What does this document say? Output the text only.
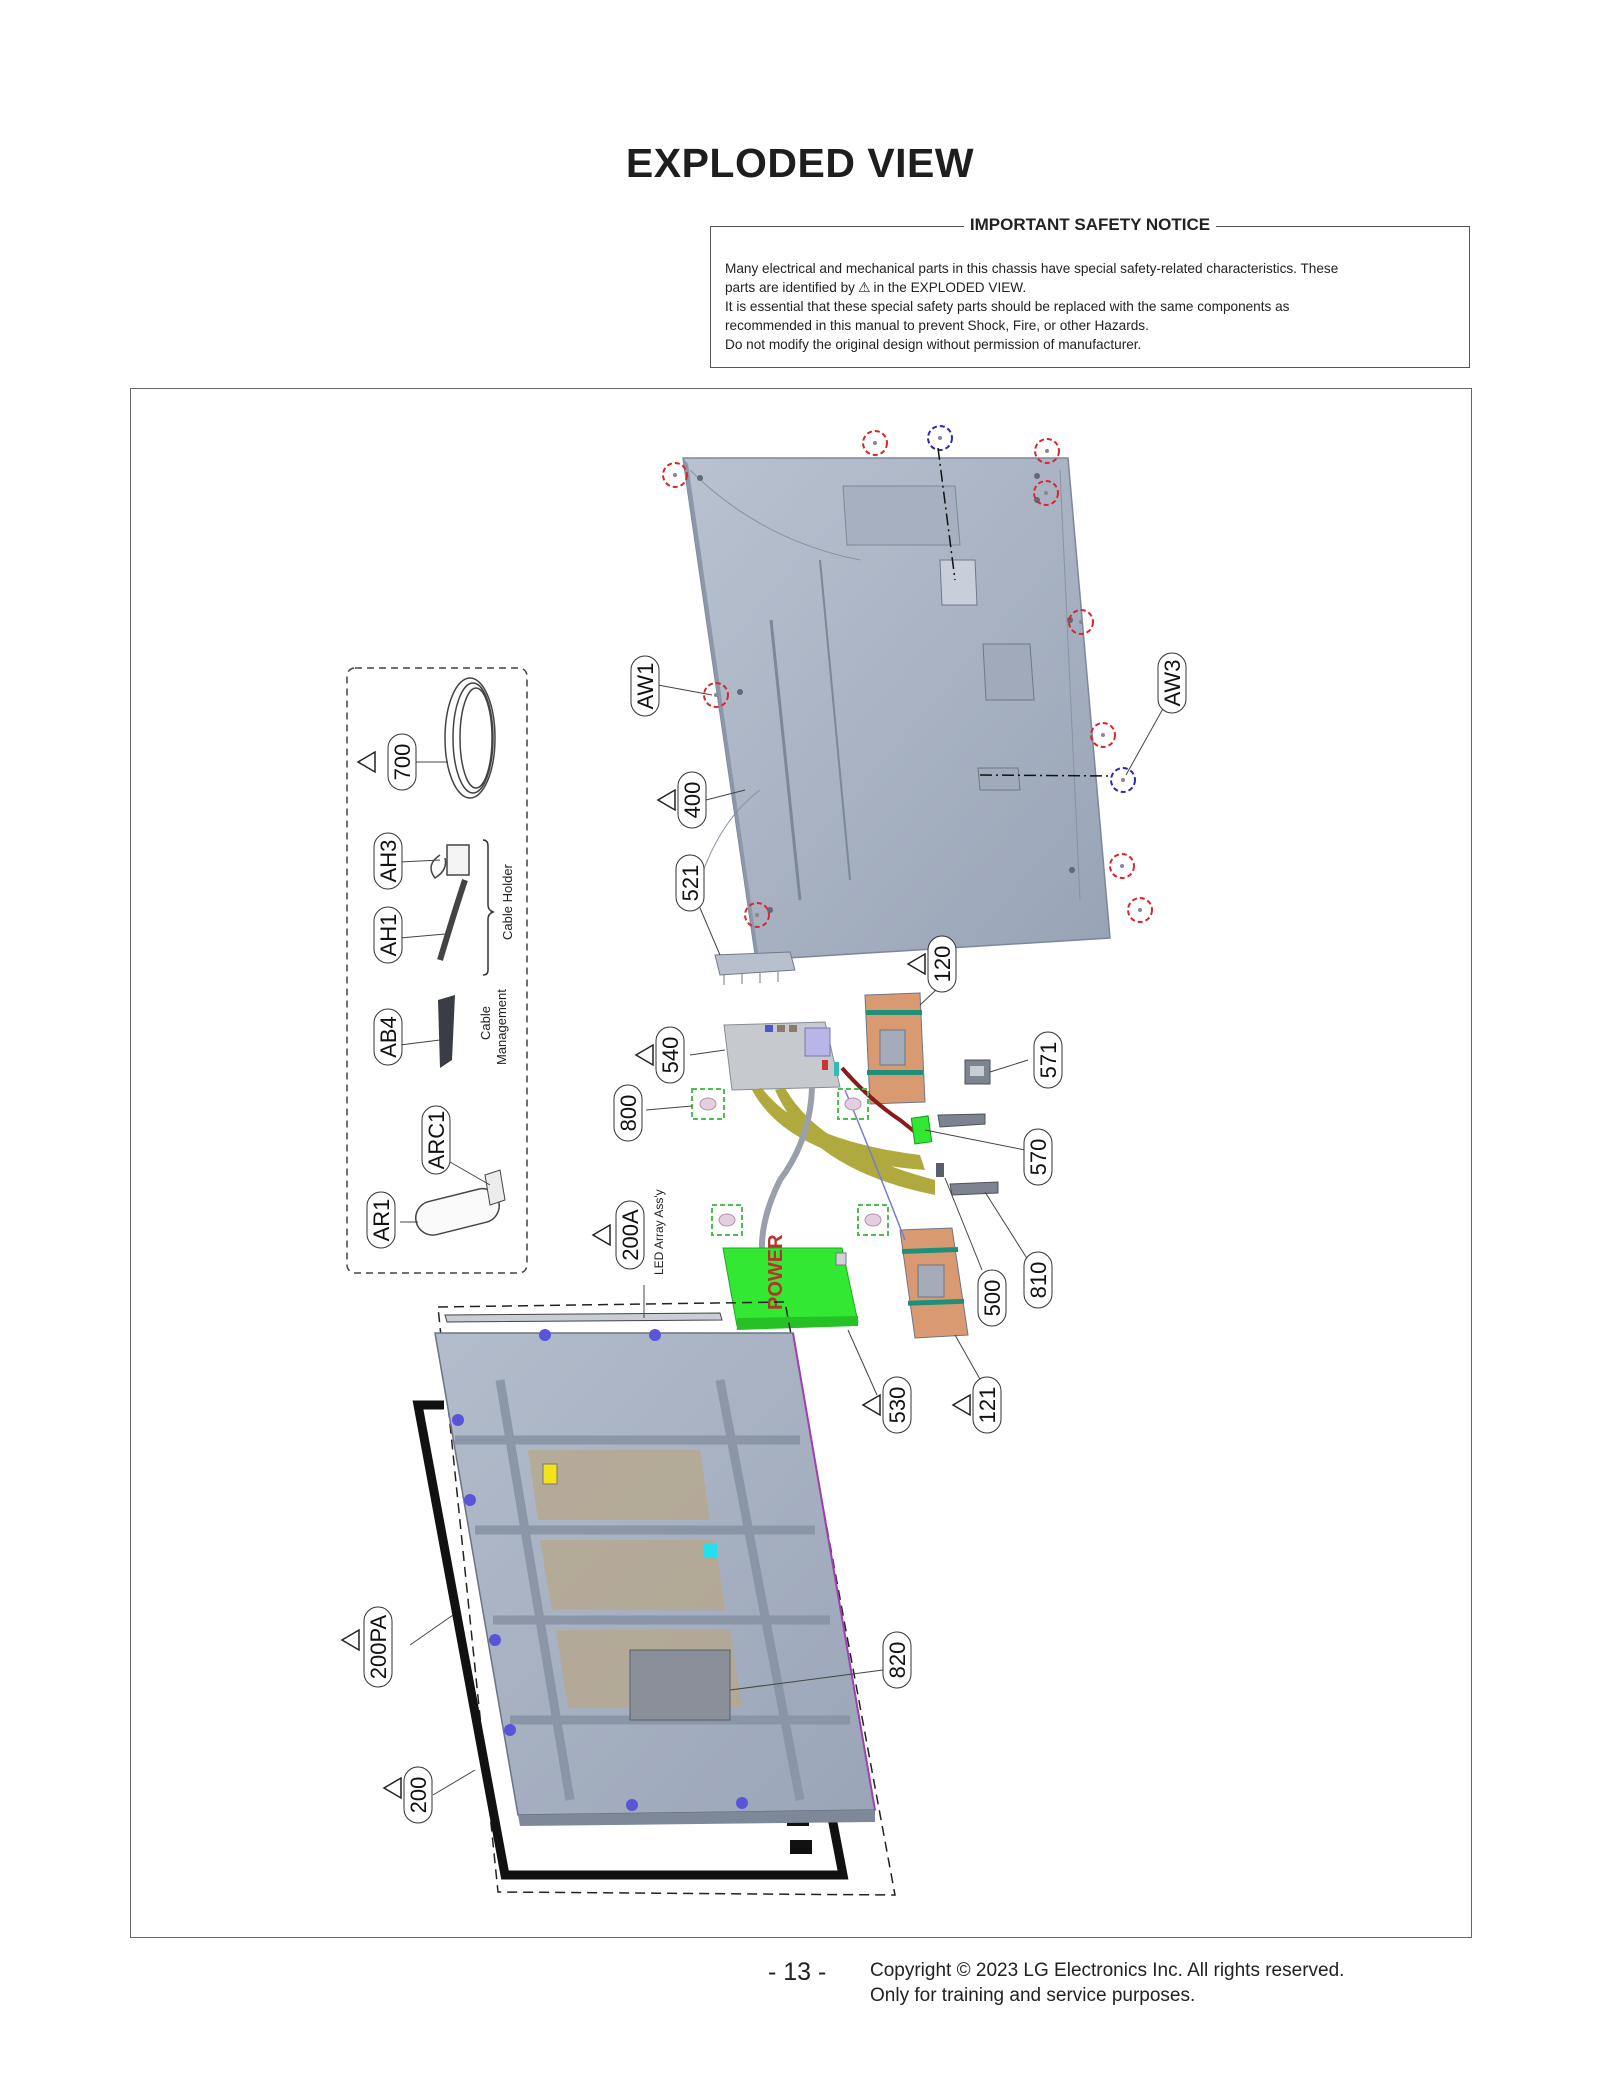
EXPLODED VIEW
IMPORTANT SAFETY NOTICE

Many electrical and mechanical parts in this chassis have special safety-related characteristics. These

parts are identified by ⚠ in the EXPLODED VIEW.

It is essential that these special safety parts should be replaced with the same components as

recommended in this manual to prevent Shock, Fire, or other Hazards.

Do not modify the original design without permission of manufacturer.

POWER
Cable Holder
Cable Management
LED Array Ass'y
AW1
400
521
120
540	571
800
570
200A
500 810
530	121
820
200PA
200
AW3
700
AH3
AH1
AB4
ARC1
AR1
- 13 - Copyright © 2023 LG Electronics Inc. All rights reserved.
Only for training and service purposes.
